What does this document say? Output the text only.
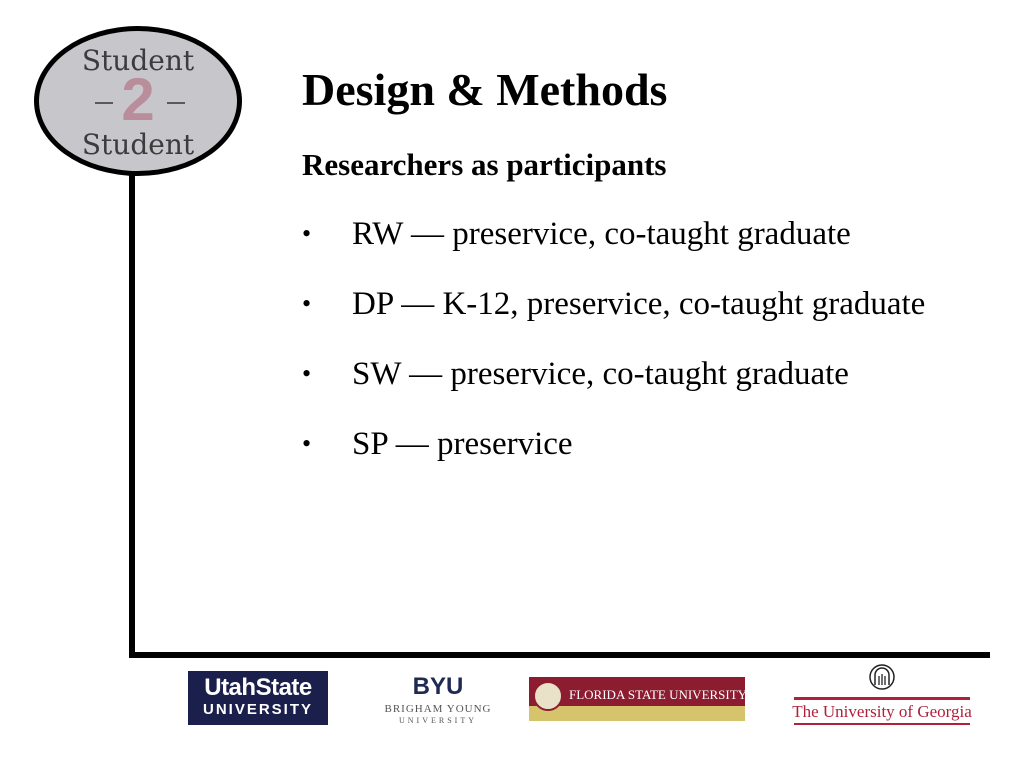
Student
2
Student
Design & Methods
Researchers as participants
• RW — preservice, co-taught graduate
• DP — K-12, preservice, co-taught graduate
• SW — preservice, co-taught graduate
• SP — preservice
UtahState
UNIVERSITY
BYU
BRIGHAM YOUNG
UNIVERSITY
FLORIDA STATE UNIVERSITY
The University of Georgia
